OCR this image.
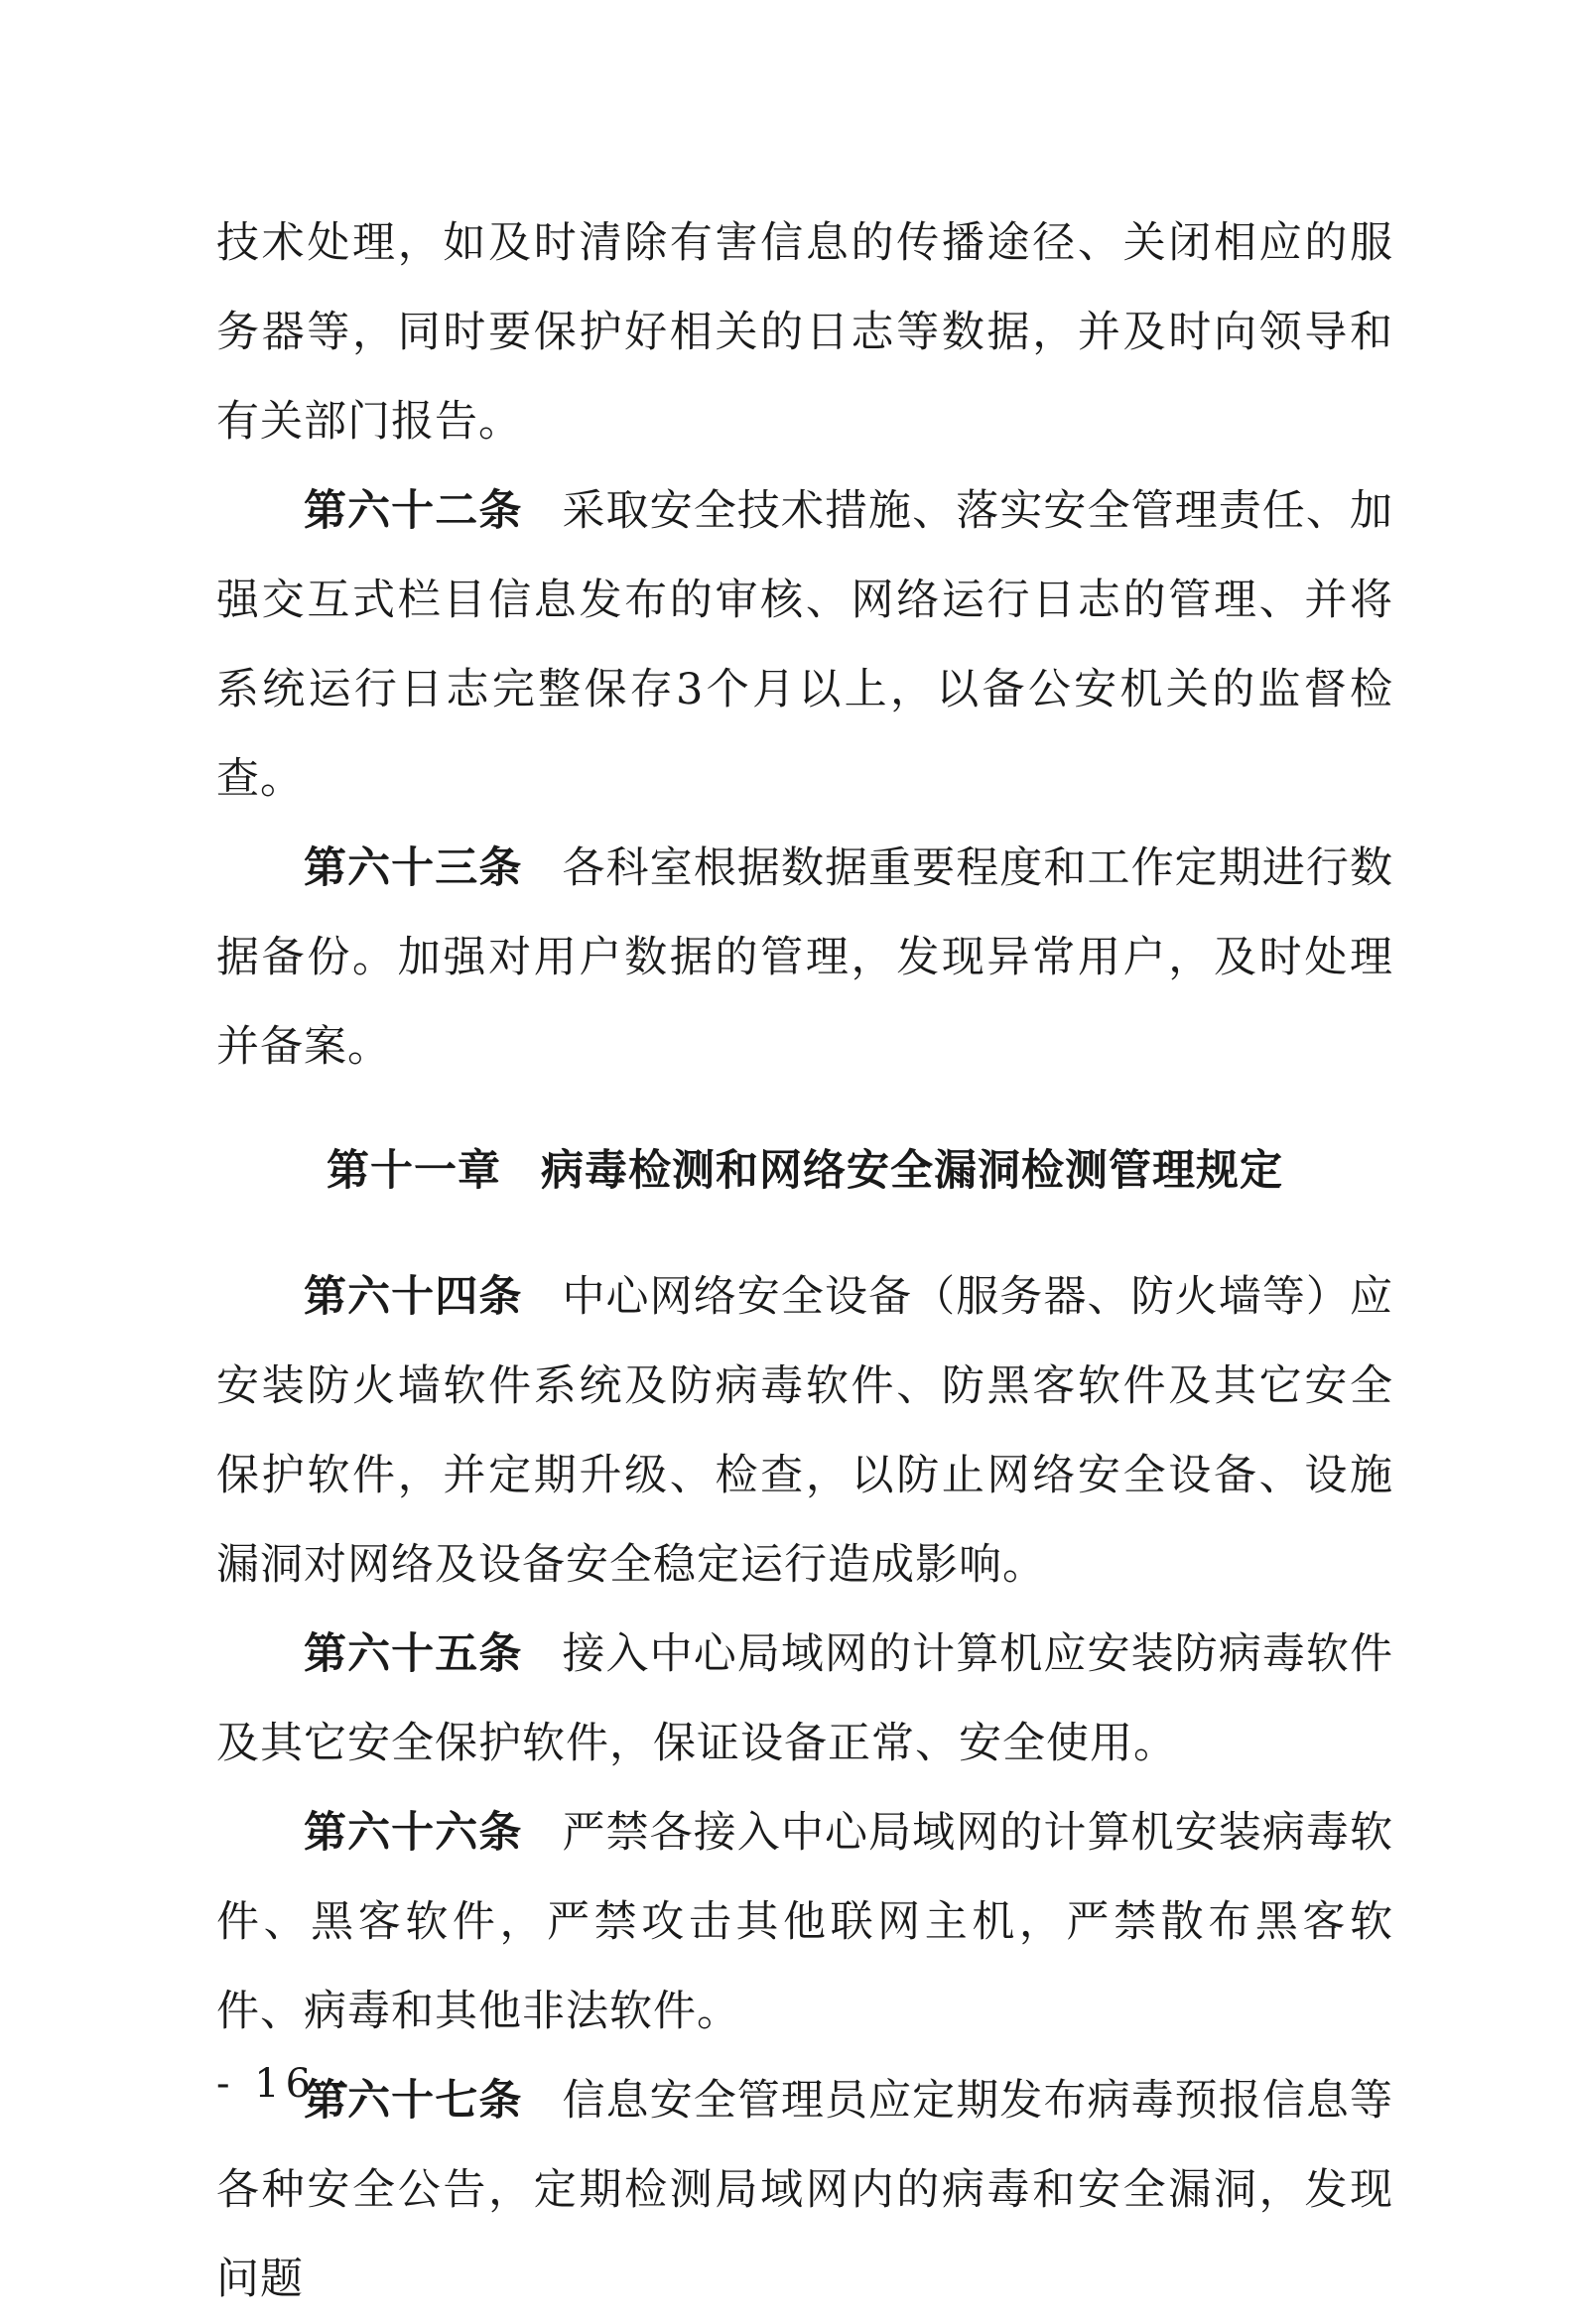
技术处理，如及时清除有害信息的传播途径、关闭相应的服务器等，同时要保护好相关的日志等数据，并及时向领导和有关部门报告。

第六十二条 采取安全技术措施、落实安全管理责任、加强交互式栏目信息发布的审核、网络运行日志的管理、并将系统运行日志完整保存3个月以上，以备公安机关的监督检查。

第六十三条 各科室根据数据重要程度和工作定期进行数据备份。加强对用户数据的管理，发现异常用户，及时处理并备案。

第十一章 病毒检测和网络安全漏洞检测管理规定

第六十四条 中心网络安全设备（服务器、防火墙等）应安装防火墙软件系统及防病毒软件、防黑客软件及其它安全保护软件，并定期升级、检查，以防止网络安全设备、设施漏洞对网络及设备安全稳定运行造成影响。

第六十五条 接入中心局域网的计算机应安装防病毒软件及其它安全保护软件，保证设备正常、安全使用。

第六十六条 严禁各接入中心局域网的计算机安装病毒软件、黑客软件，严禁攻击其他联网主机，严禁散布黑客软件、病毒和其他非法软件。

第六十七条 信息安全管理员应定期发布病毒预报信息等各种安全公告，定期检测局域网内的病毒和安全漏洞，发现问题

- 16 -
